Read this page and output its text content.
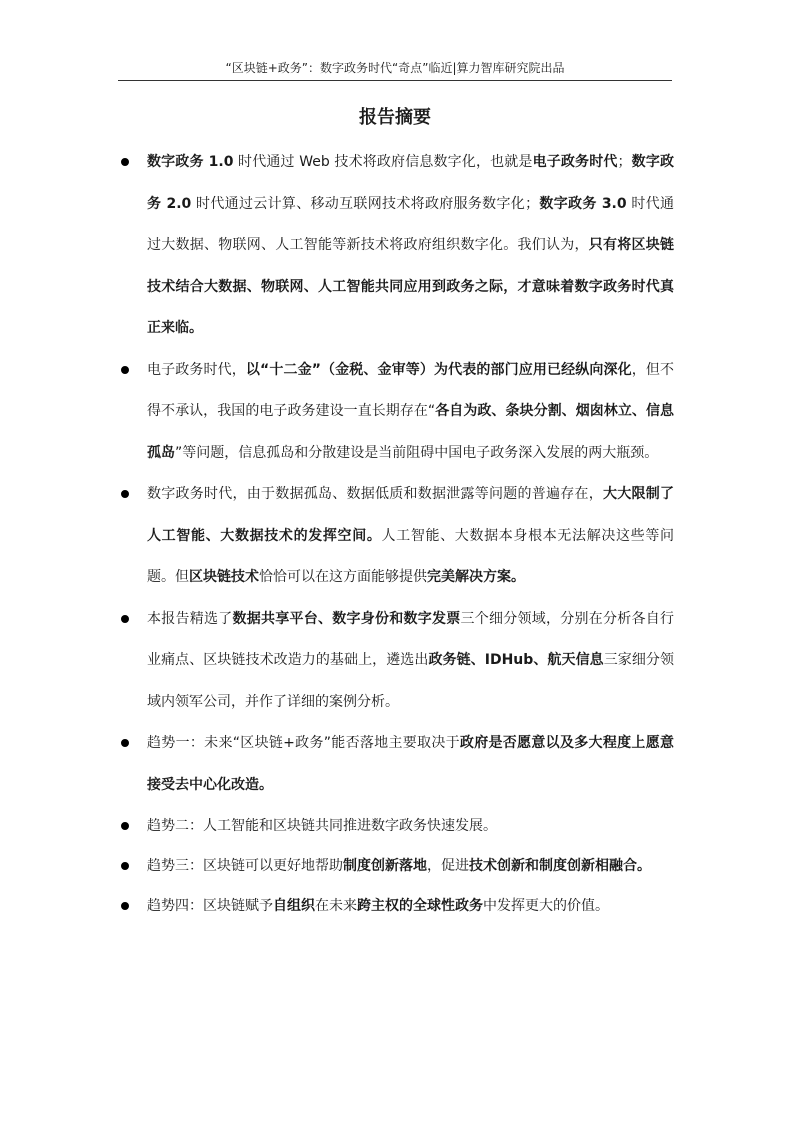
“区块链+政务”：数字政务时代“奇点”临近|算力智库研究院出品
报告摘要
数字政务 1.0 时代通过 Web 技术将政府信息数字化，也就是电子政务时代；数字政务 2.0 时代通过云计算、移动互联网技术将政府服务数字化；数字政务 3.0 时代通过大数据、物联网、人工智能等新技术将政府组织数字化。我们认为，只有将区块链技术结合大数据、物联网、人工智能共同应用到政务之际，才意味着数字政务时代真正来临。
电子政务时代，以“十二金”（金税、金审等）为代表的部门应用已经纵向深化，但不得不承认，我国的电子政务建设一直长期存在“各自为政、条块分割、烟囱林立、信息孤岛”等问题，信息孤岛和分散建设是当前阻碍中国电子政务深入发展的两大瓶颈。
数字政务时代，由于数据孤岛、数据低质和数据泄露等问题的普遍存在，大大限制了人工智能、大数据技术的发挥空间。人工智能、大数据本身根本无法解决这些等问题。但区块链技术恰恰可以在这方面能够提供完美解决方案。
本报告精选了数据共享平台、数字身份和数字发票三个细分领域，分别在分析各自行业痛点、区块链技术改造力的基础上，遴选出政务链、IDHub、航天信息三家细分领域内领军公司，并作了详细的案例分析。
趋势一：未来“区块链+政务”能否落地主要取决于政府是否愿意以及多大程度上愿意接受去中心化改造。
趋势二：人工智能和区块链共同推进数字政务快速发展。
趋势三：区块链可以更好地帮助制度创新落地，促进技术创新和制度创新相融合。
趋势四：区块链赋予自组织在未来跨主权的全球性政务中发挥更大的价值。
